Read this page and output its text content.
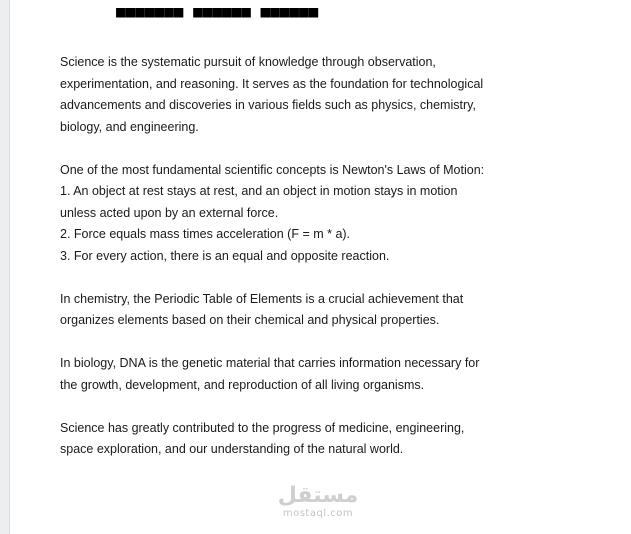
■■■■■■■ ■■■■■■ ■■■■■■

Science is the systematic pursuit of knowledge through observation,
experimentation, and reasoning. It serves as the foundation for technological
advancements and discoveries in various fields such as physics, chemistry,
biology, and engineering.

One of the most fundamental scientific concepts is Newton's Laws of Motion:
1. An object at rest stays at rest, and an object in motion stays in motion
unless acted upon by an external force.
2. Force equals mass times acceleration (F = m * a).
3. For every action, there is an equal and opposite reaction.

In chemistry, the Periodic Table of Elements is a crucial achievement that
organizes elements based on their chemical and physical properties.

In biology, DNA is the genetic material that carries information necessary for
the growth, development, and reproduction of all living organisms.

Science has greatly contributed to the progress of medicine, engineering,
space exploration, and our understanding of the natural world.

مستقل
mostaql.com
